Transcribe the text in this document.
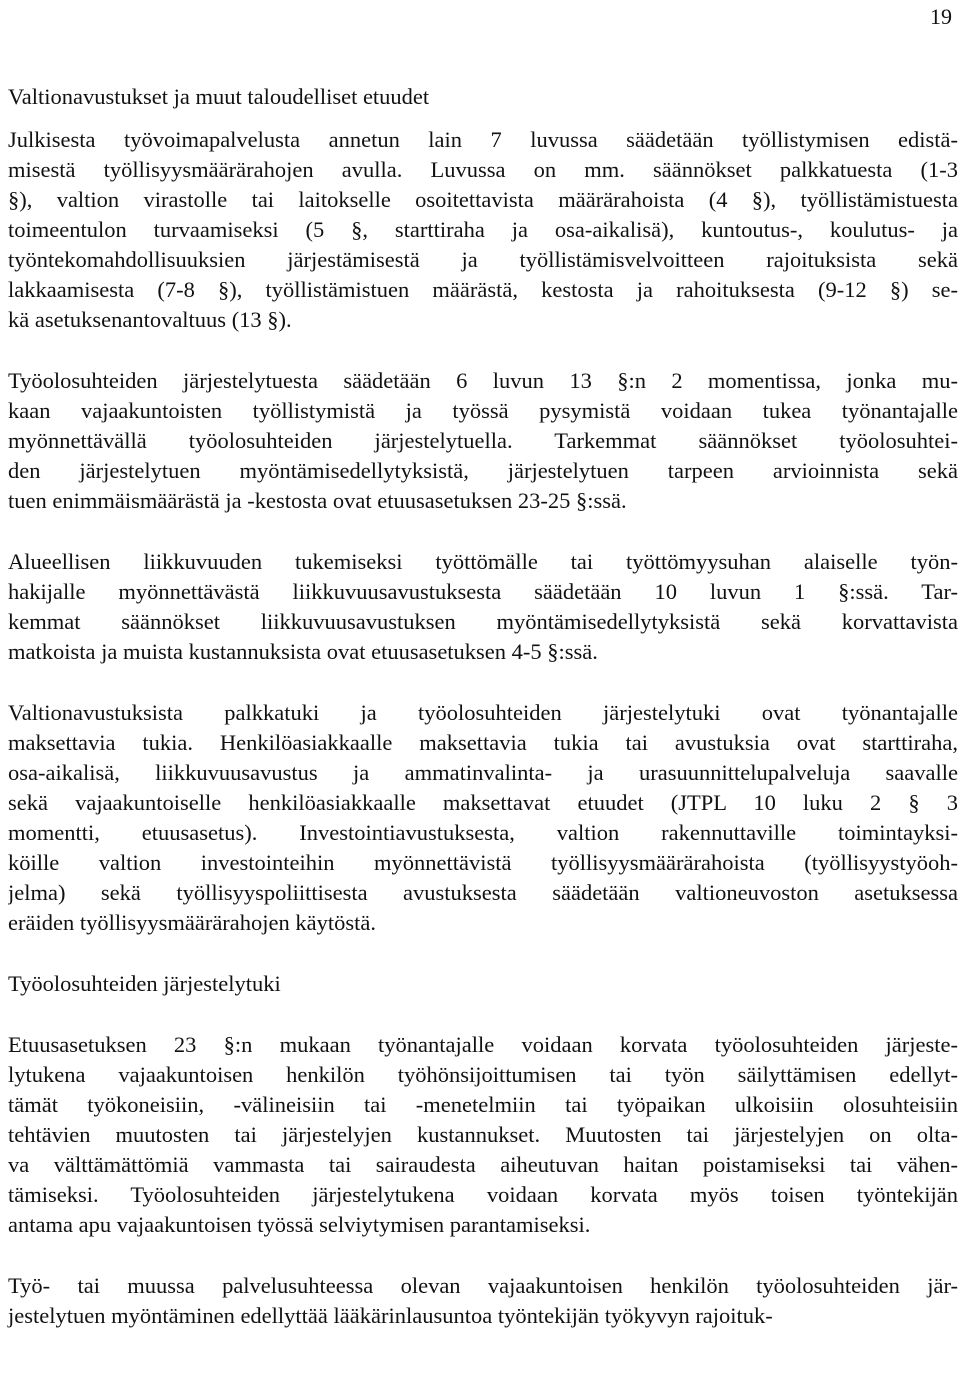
19
Valtionavustukset ja muut taloudelliset etuudet
Julkisesta työvoimapalvelusta annetun lain 7 luvussa säädetään työllistymisen edistä-
misestä työllisyysmäärärahojen avulla. Luvussa on mm. säännökset palkkatuesta (1-3
§), valtion virastolle tai laitokselle osoitettavista määrärahoista (4 §), työllistämistuesta
toimeentulon turvaamiseksi (5 §, starttiraha ja osa-aikalisä), kuntoutus-, koulutus- ja
työntekomahdollisuuksien järjestämisestä ja työllistämisvelvoitteen rajoituksista sekä
lakkaamisesta (7-8 §), työllistämistuen määrästä, kestosta ja rahoituksesta (9-12 §) se-
kä asetuksenantovaltuus (13 §).
Työolosuhteiden järjestelytuesta säädetään 6 luvun 13 §:n 2 momentissa, jonka mu-
kaan vajaakuntoisten työllistymistä ja työssä pysymistä voidaan tukea työnantajalle
myönnettävällä työolosuhteiden järjestelytuella. Tarkemmat säännökset työolosuhtei-
den järjestelytuen myöntämisedellytyksistä, järjestelytuen tarpeen arvioinnista sekä
tuen enimmäismäärästä ja -kestosta ovat etuusasetuksen 23-25 §:ssä.
Alueellisen liikkuvuuden tukemiseksi työttömälle tai työttömyysuhan alaiselle työn-
hakijalle myönnettävästä liikkuvuusavustuksesta säädetään 10 luvun 1 §:ssä. Tar-
kemmat säännökset liikkuvuusavustuksen myöntämisedellytyksistä sekä korvattavista
matkoista ja muista kustannuksista ovat etuusasetuksen 4-5 §:ssä.
Valtionavustuksista palkkatuki ja työolosuhteiden järjestelytuki ovat työnantajalle
maksettavia tukia. Henkilöasiakkaalle maksettavia tukia tai avustuksia ovat starttiraha,
osa-aikalisä, liikkuvuusavustus ja ammatinvalinta- ja urasuunnittelupalveluja saavalle
sekä vajaakuntoiselle henkilöasiakkaalle maksettavat etuudet (JTPL 10 luku 2 § 3
momentti, etuusasetus). Investointiavustuksesta, valtion rakennuttaville toimintayksi-
köille valtion investointeihin myönnettävistä työllisyysmäärärahoista (työllisyystyöoh-
jelma) sekä työllisyyspoliittisesta avustuksesta säädetään valtioneuvoston asetuksessa
eräiden työllisyysmäärärahojen käytöstä.
Työolosuhteiden järjestelytuki
Etuusasetuksen 23 §:n mukaan työnantajalle voidaan korvata työolosuhteiden järjeste-
lytukena vajaakuntoisen henkilön työhönsijoittumisen tai työn säilyttämisen edellyt-
tämät työkoneisiin, -välineisiin tai -menetelmiin tai työpaikan ulkoisiin olosuhteisiin
tehtävien muutosten tai järjestelyjen kustannukset. Muutosten tai järjestelyjen on olta-
va välttämättömiä vammasta tai sairaudesta aiheutuvan haitan poistamiseksi tai vähen-
tämiseksi. Työolosuhteiden järjestelytukena voidaan korvata myös toisen työntekijän
antama apu vajaakuntoisen työssä selviytymisen parantamiseksi.
Työ- tai muussa palvelusuhteessa olevan vajaakuntoisen henkilön työolosuhteiden jär-
jestelytuen myöntäminen edellyttää lääkärinlausuntoa työntekijän työkyvyn rajoituk-
